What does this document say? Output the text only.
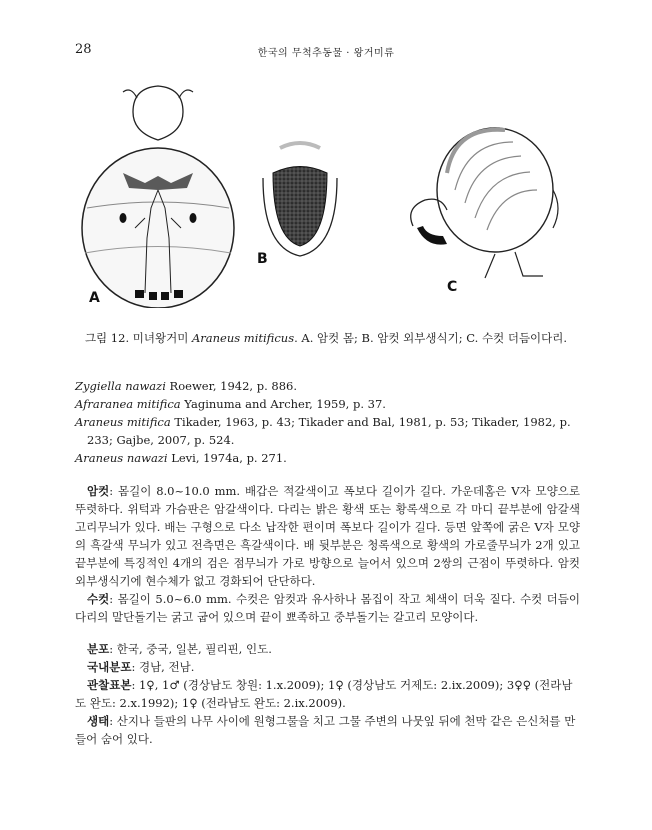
28	한국의 무척추동물 · 왕거미류
A
B
C
그림 12. 미녀왕거미 Araneus mitificus. A. 암컷 몸; B. 암컷 외부생식기; C. 수컷 더듬이다리.

Zygiella nawazi Roewer, 1942, p. 886.

Afraranea mitifica Yaginuma and Archer, 1959, p. 37.

Araneus mitifica Tikader, 1963, p. 43; Tikader and Bal, 1981, p. 53; Tikader, 1982, p. 233; Gajbe, 2007, p. 524.

Araneus nawazi Levi, 1974a, p. 271.

암컷: 몸길이 8.0~10.0 mm. 배갑은 적갈색이고 폭보다 길이가 길다. 가운데홈은 V자 모양으로 뚜렷하다. 위턱과 가슴판은 암갈색이다. 다리는 밝은 황색 또는 황록색으로 각 마디 끝부분에 암갈색 고리무늬가 있다. 배는 구형으로 다소 납작한 편이며 폭보다 길이가 길다. 등면 앞쪽에 굵은 V자 모양의 흑갈색 무늬가 있고 전측면은 흑갈색이다. 배 뒷부분은 청록색으로 황색의 가로줄무늬가 2개 있고 끝부분에 특징적인 4개의 검은 점무늬가 가로 방향으로 늘어서 있으며 2쌍의 근점이 뚜렷하다. 암컷 외부생식기에 현수체가 없고 경화되어 단단하다.

수컷: 몸길이 5.0~6.0 mm. 수컷은 암컷과 유사하나 몸집이 작고 체색이 더욱 짙다. 수컷 더듬이다리의 말단돌기는 굵고 굽어 있으며 끝이 뾰족하고 중부돌기는 갈고리 모양이다.

분포: 한국, 중국, 일본, 필리핀, 인도.

국내분포: 경남, 전남.

관찰표본: 1♀, 1♂ (경상남도 창원: 1.x.2009); 1♀ (경상남도 거제도: 2.ix.2009); 3♀♀ (전라남도 완도: 2.x.1992); 1♀ (전라남도 완도: 2.ix.2009).

생태: 산지나 들판의 나무 사이에 원형그물을 치고 그물 주변의 나뭇잎 뒤에 천막 같은 은신처를 만들어 숨어 있다.
